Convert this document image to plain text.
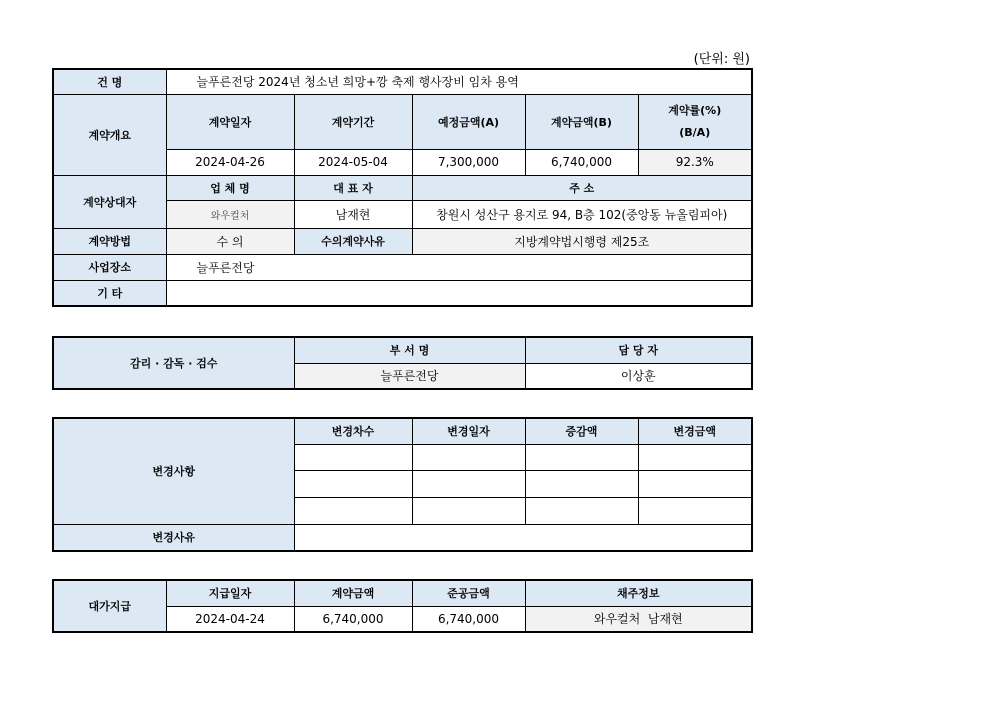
(단위: 원)
건 명	늘푸른전당 2024년 청소년 희망+깡 축제 행사장비 임차 용역				
계약개요	계약일자	계약기간	예정금액(A)	계약금액(B)	계약률(%)
(B/A)

	2024-04-26	2024-05-04	7,300,000	6,740,000	92.3%
계약상대자	업 체 명	대 표 자	주 소		
	와우컬처	남재현	창원시 성산구 용지로 94, B층 102(중앙동 뉴올림피아)		
계약방법	수 의	수의계약사유	지방계약법시행령 제25조		
사업장소	늘푸른전당				
기 타					
감리 · 감독 · 검수	부 서 명	담 당 자
	늘푸른전당	이상훈
변경사항	변경차수	변경일자	증감액	변경금액

변경사유				
대가지급	지급일자	계약금액	준공금액	채주정보
	2024-04-24	6,740,000	6,740,000	와우컬처  남재현
